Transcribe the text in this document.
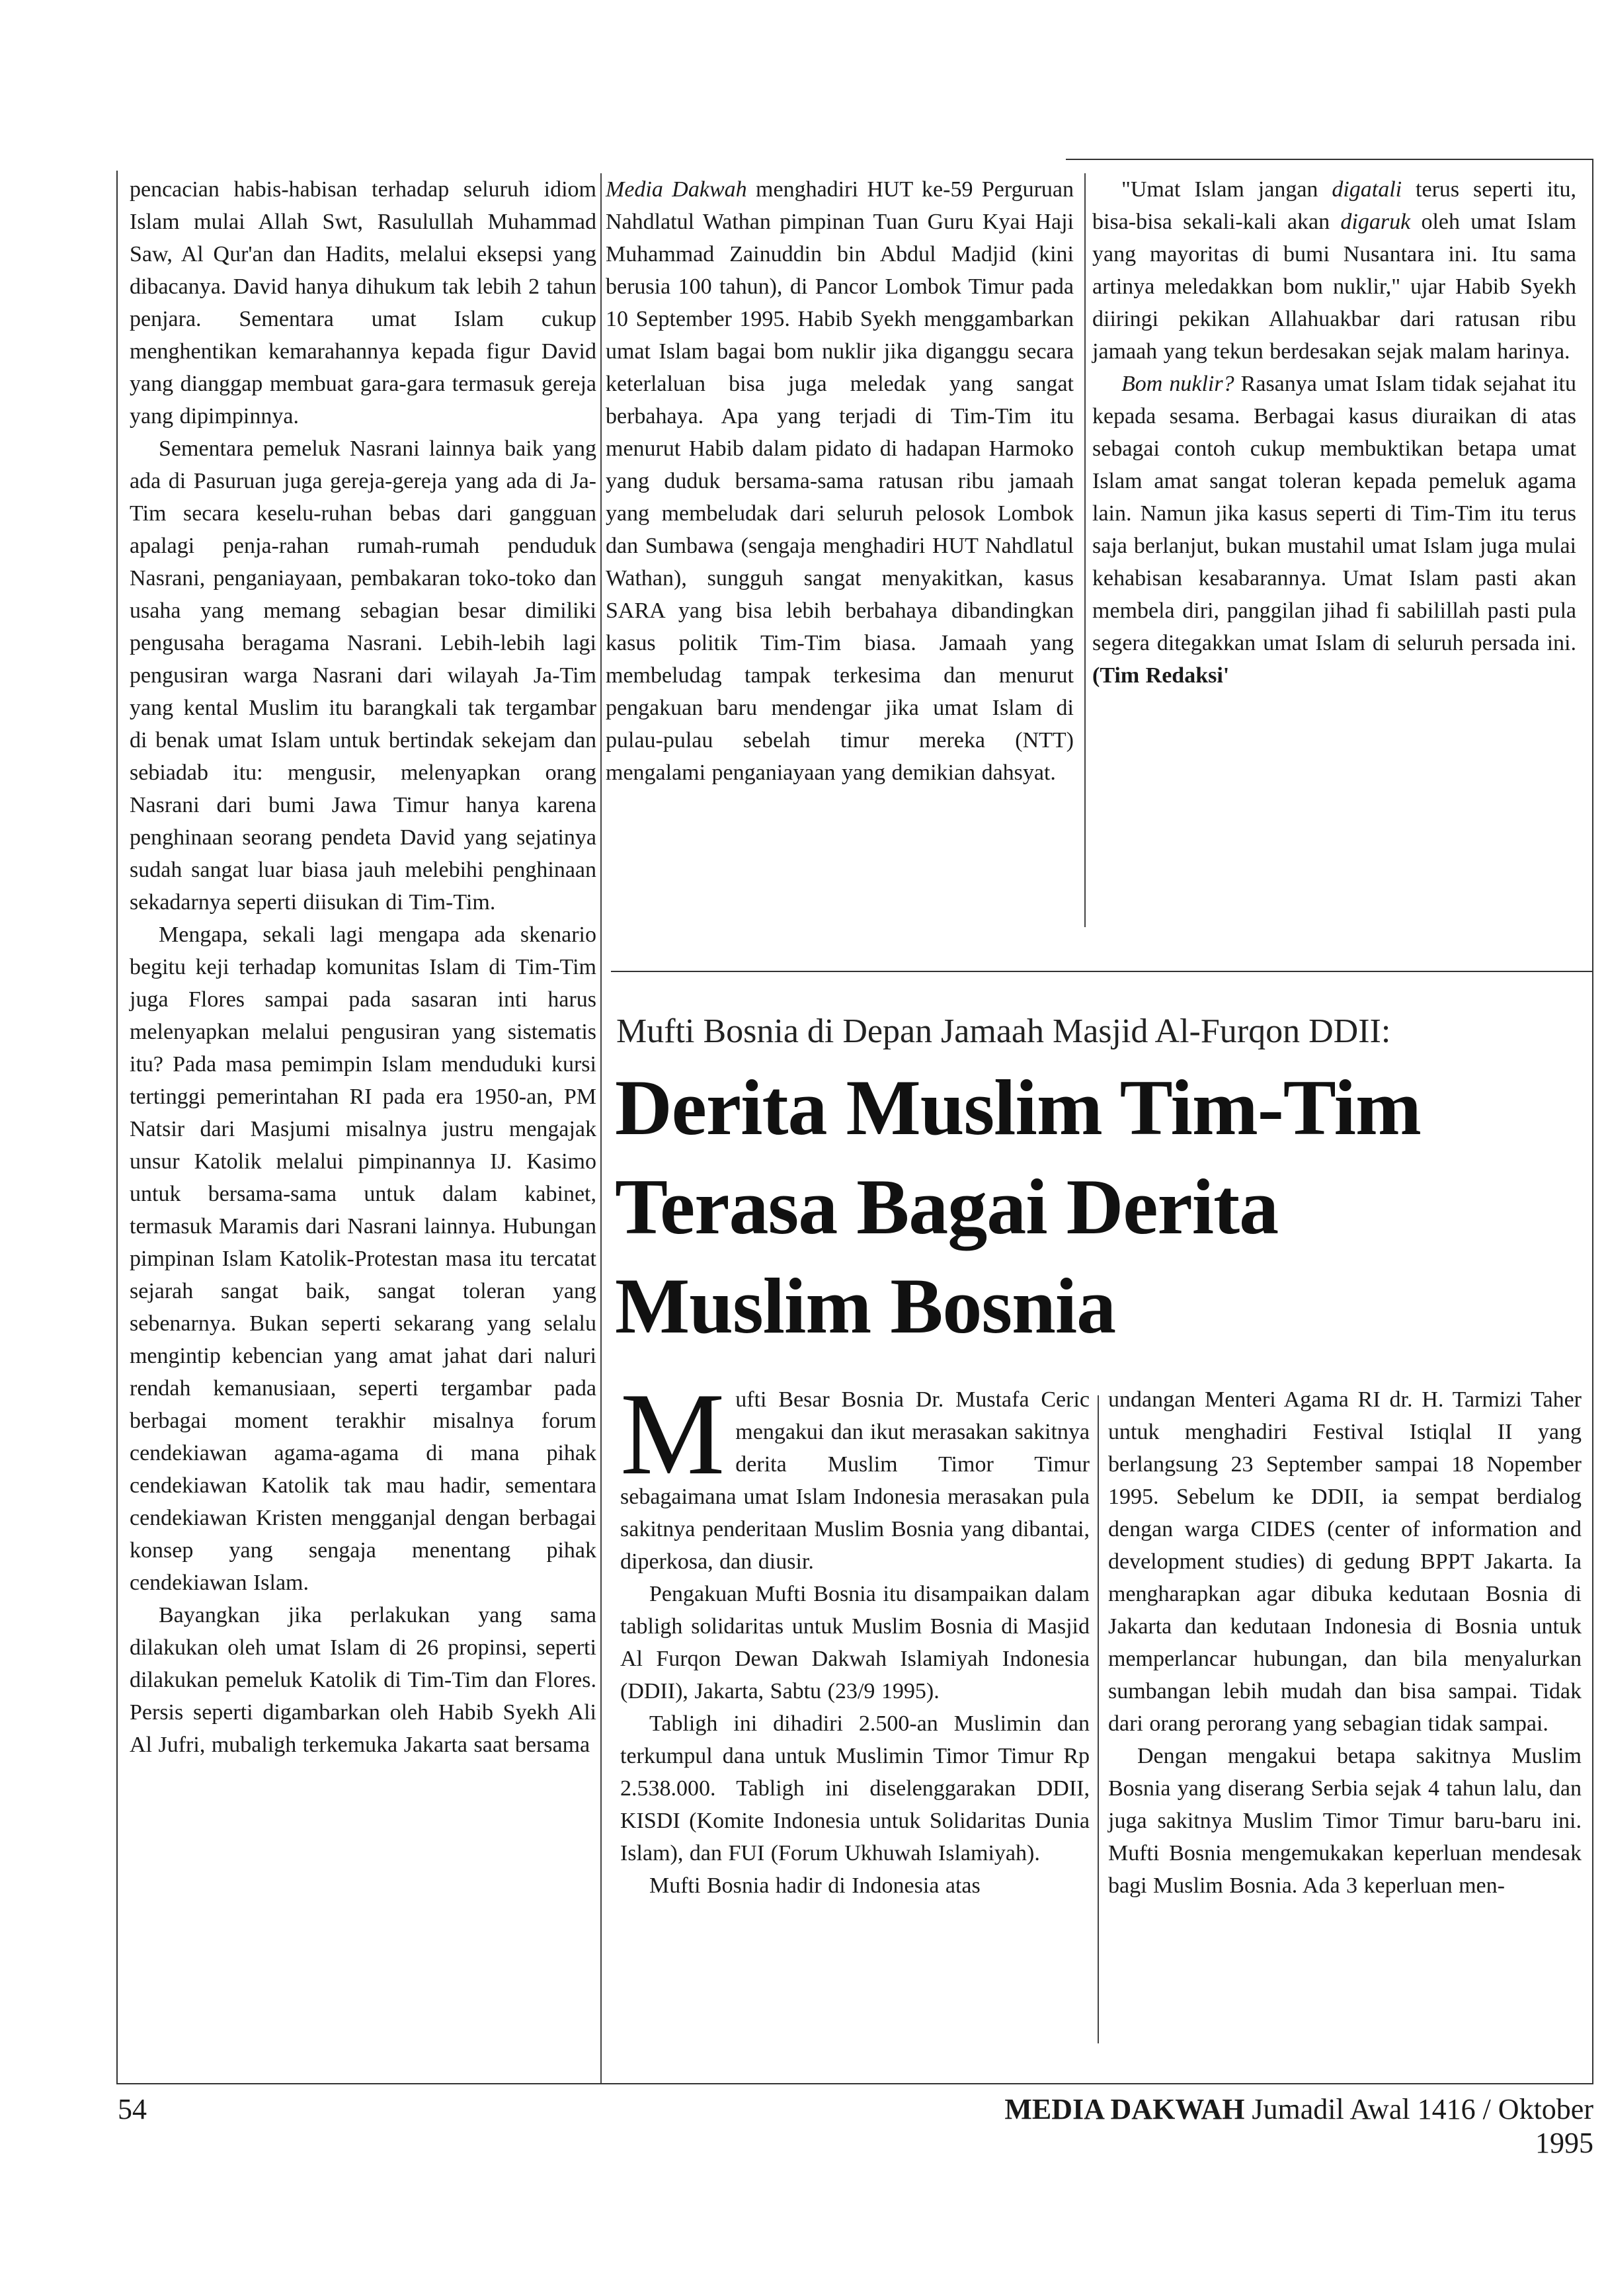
pencacian habis-habisan terhadap seluruh idiom Islam mulai Allah Swt, Rasulullah Muhammad Saw, Al Qur'an dan Hadits, melalui eksepsi yang dibacanya. David hanya dihukum tak lebih 2 tahun penjara. Sementara umat Islam cukup menghentikan kemarahannya kepada figur David yang dianggap membuat gara-gara termasuk gereja yang dipimpinnya.

Sementara pemeluk Nasrani lainnya baik yang ada di Pasuruan juga gereja-gereja yang ada di Ja-Tim secara keselu-ruhan bebas dari gangguan apalagi penja-rahan rumah-rumah penduduk Nasrani, penganiayaan, pembakaran toko-toko dan usaha yang memang sebagian besar dimiliki pengusaha beragama Nasrani. Lebih-lebih lagi pengusiran warga Nasrani dari wilayah Ja-Tim yang kental Muslim itu barangkali tak tergambar di benak umat Islam untuk bertindak sekejam dan sebiadab itu: mengusir, melenyapkan orang Nasrani dari bumi Jawa Timur hanya karena penghinaan seorang pendeta David yang sejatinya sudah sangat luar biasa jauh melebihi penghinaan sekadarnya seperti diisukan di Tim-Tim.

Mengapa, sekali lagi mengapa ada skenario begitu keji terhadap komunitas Islam di Tim-Tim juga Flores sampai pada sasaran inti harus melenyapkan melalui pengusiran yang sistematis itu? Pada masa pemimpin Islam menduduki kursi tertinggi pemerintahan RI pada era 1950-an, PM Natsir dari Masjumi misalnya justru mengajak unsur Katolik melalui pimpinannya IJ. Kasimo untuk bersama-sama untuk dalam kabinet, termasuk Maramis dari Nasrani lainnya. Hubungan pimpinan Islam Katolik-Protestan masa itu tercatat sejarah sangat baik, sangat toleran yang sebenarnya. Bukan seperti sekarang yang selalu mengintip kebencian yang amat jahat dari naluri rendah kemanusiaan, seperti tergambar pada berbagai moment terakhir misalnya forum cendekiawan agama-agama di mana pihak cendekiawan Katolik tak mau hadir, sementara cendekiawan Kristen mengganjal dengan berbagai konsep yang sengaja menentang pihak cendekiawan Islam.

Bayangkan jika perlakukan yang sama dilakukan oleh umat Islam di 26 propinsi, seperti dilakukan pemeluk Katolik di Tim-Tim dan Flores. Persis seperti digambarkan oleh Habib Syekh Ali Al Jufri, mubaligh terkemuka Jakarta saat bersama

Media Dakwah menghadiri HUT ke-59 Perguruan Nahdlatul Wathan pimpinan Tuan Guru Kyai Haji Muhammad Zainuddin bin Abdul Madjid (kini berusia 100 tahun), di Pancor Lombok Timur pada 10 September 1995. Habib Syekh menggambarkan umat Islam bagai bom nuklir jika diganggu secara keterlaluan bisa juga meledak yang sangat berbahaya. Apa yang terjadi di Tim-Tim itu menurut Habib dalam pidato di hadapan Harmoko yang duduk bersama-sama ratusan ribu jamaah yang membeludak dari seluruh pelosok Lombok dan Sumbawa (sengaja menghadiri HUT Nahdlatul Wathan), sungguh sangat menyakitkan, kasus SARA yang bisa lebih berbahaya dibandingkan kasus politik Tim-Tim biasa. Jamaah yang membeludag tampak terkesima dan menurut pengakuan baru mendengar jika umat Islam di pulau-pulau sebelah timur mereka (NTT) mengalami penganiayaan yang demikian dahsyat.

"Umat Islam jangan digatali terus seperti itu, bisa-bisa sekali-kali akan digaruk oleh umat Islam yang mayoritas di bumi Nusantara ini. Itu sama artinya meledakkan bom nuklir," ujar Habib Syekh diiringi pekikan Allahuakbar dari ratusan ribu jamaah yang tekun berdesakan sejak malam harinya.

Bom nuklir? Rasanya umat Islam tidak sejahat itu kepada sesama. Berbagai kasus diuraikan di atas sebagai contoh cukup membuktikan betapa umat Islam amat sangat toleran kepada pemeluk agama lain. Namun jika kasus seperti di Tim-Tim itu terus saja berlanjut, bukan mustahil umat Islam juga mulai kehabisan kesabarannya. Umat Islam pasti akan membela diri, panggilan jihad fi sabilillah pasti pula segera ditegakkan umat Islam di seluruh persada ini. (Tim Redaksi'

Mufti Bosnia di Depan Jamaah Masjid Al-Furqon DDII:
Derita Muslim Tim-Tim
Terasa Bagai Derita
Muslim Bosnia

Mufti Besar Bosnia Dr. Mustafa Ceric mengakui dan ikut merasakan sakitnya derita Muslim Timor Timur sebagaimana umat Islam Indonesia merasakan pula sakitnya penderitaan Muslim Bosnia yang dibantai, diperkosa, dan diusir.

Pengakuan Mufti Bosnia itu disampaikan dalam tabligh solidaritas untuk Muslim Bosnia di Masjid Al Furqon Dewan Dakwah Islamiyah Indonesia (DDII), Jakarta, Sabtu (23/9 1995).

Tabligh ini dihadiri 2.500-an Muslimin dan terkumpul dana untuk Muslimin Timor Timur Rp 2.538.000. Tabligh ini diselenggarakan DDII, KISDI (Komite Indonesia untuk Solidaritas Dunia Islam), dan FUI (Forum Ukhuwah Islamiyah).

Mufti Bosnia hadir di Indonesia atas

undangan Menteri Agama RI dr. H. Tarmizi Taher untuk menghadiri Festival Istiqlal II yang berlangsung 23 September sampai 18 Nopember 1995. Sebelum ke DDII, ia sempat berdialog dengan warga CIDES (center of information and development studies) di gedung BPPT Jakarta. Ia mengharapkan agar dibuka kedutaan Bosnia di Jakarta dan kedutaan Indonesia di Bosnia untuk memperlancar hubungan, dan bila menyalurkan sumbangan lebih mudah dan bisa sampai. Tidak dari orang perorang yang sebagian tidak sampai.

Dengan mengakui betapa sakitnya Muslim Bosnia yang diserang Serbia sejak 4 tahun lalu, dan juga sakitnya Muslim Timor Timur baru-baru ini. Mufti Bosnia mengemukakan keperluan mendesak bagi Muslim Bosnia. Ada 3 keperluan men-

54	MEDIA DAKWAH Jumadil Awal 1416 / Oktober 1995
